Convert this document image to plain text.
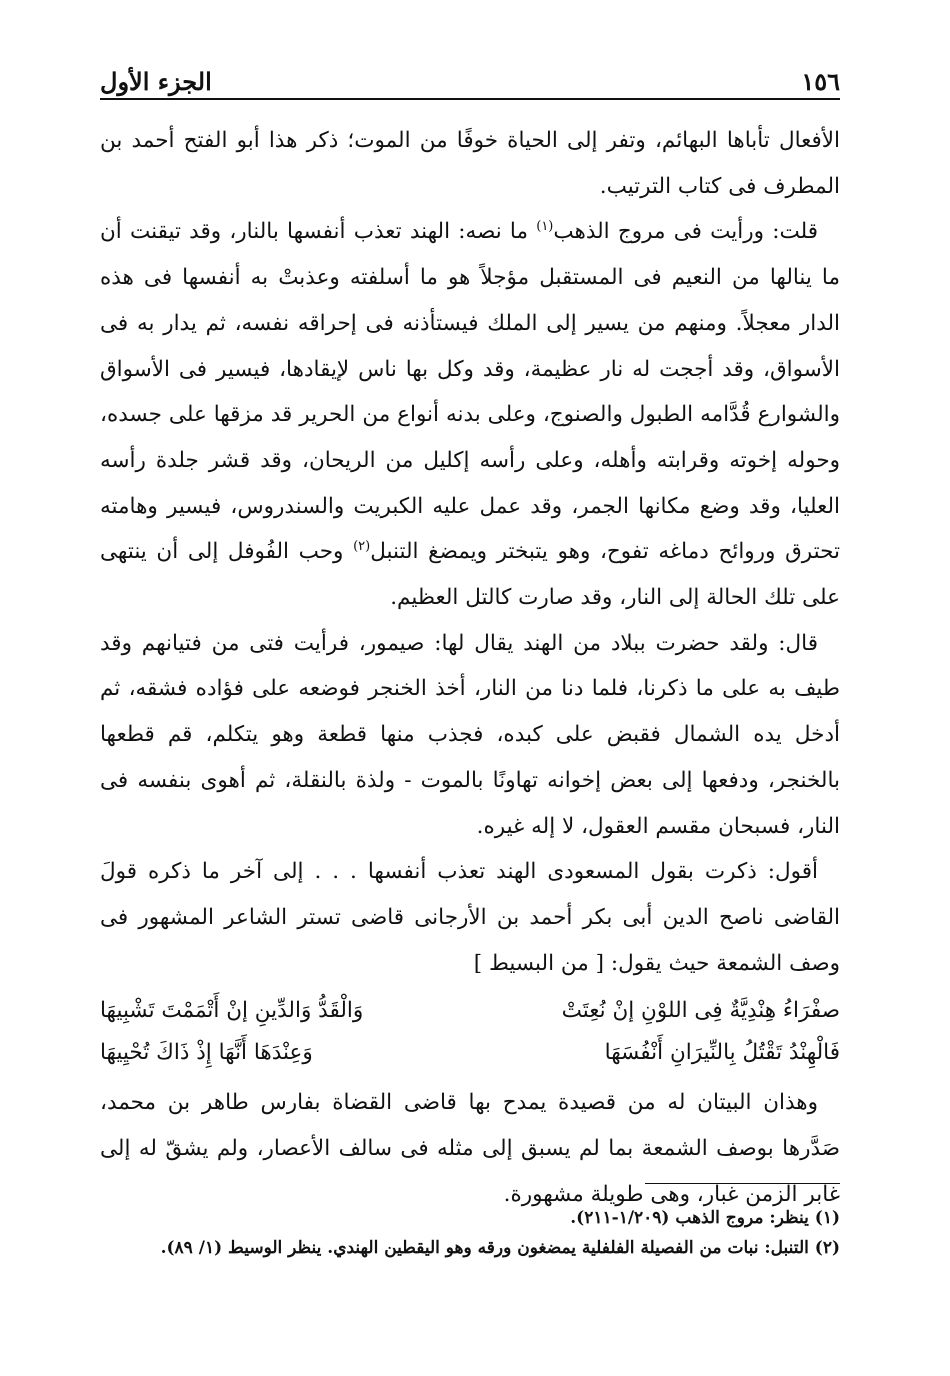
١٥٦
الجزء الأول

الأفعال تأباها البهائم، وتفر إلى الحياة خوفًا من الموت؛ ذكر هذا أبو الفتح أحمد بن المطرف فى كتاب الترتيب.

قلت: ورأيت فى مروج الذهب$^{(١)}$ ما نصه: الهند تعذب أنفسها بالنار، وقد تيقنت أن ما ينالها من النعيم فى المستقبل مؤجلاً هو ما أسلفته وعذبتْ به أنفسها فى هذه الدار معجلاً. ومنهم من يسير إلى الملك فيستأذنه فى إحراقه نفسه، ثم يدار به فى الأسواق، وقد أججت له نار عظيمة، وقد وكل بها ناس لإيقادها، فيسير فى الأسواق والشوارع قُدَّامه الطبول والصنوج، وعلى بدنه أنواع من الحرير قد مزقها على جسده، وحوله إخوته وقرابته وأهله، وعلى رأسه إكليل من الريحان، وقد قشر جلدة رأسه العليا، وقد وضع مكانها الجمر، وقد عمل عليه الكبريت والسندروس، فيسير وهامته تحترق وروائح دماغه تفوح، وهو يتبختر ويمضغ التنبل$^{(٢)}$ وحب الفُوفل إلى أن ينتهى على تلك الحالة إلى النار، وقد صارت كالتل العظيم.

قال: ولقد حضرت ببلاد من الهند يقال لها: صيمور، فرأيت فتى من فتيانهم وقد طيف به على ما ذكرنا، فلما دنا من النار، أخذ الخنجر فوضعه على فؤاده فشقه، ثم أدخل يده الشمال فقبض على كبده، فجذب منها قطعة وهو يتكلم، قم قطعها بالخنجر، ودفعها إلى بعض إخوانه تهاونًا بالموت - ولذة بالنقلة، ثم أهوى بنفسه فى النار، فسبحان مقسم العقول، لا إله غيره.

أقول: ذكرت بقول المسعودى الهند تعذب أنفسها . . . إلى آخر ما ذكره قولَ القاضى ناصح الدين أبى بكر أحمد بن الأرجانى قاضى تستر الشاعر المشهور فى وصف الشمعة حيث يقول: [ من البسيط ]

صفْرَاءُ هِنْدِيَّةٌ فِى اللوْنِ إنْ نُعِتَتْ
وَالْقَدُّ وَالدِّينِ إنْ أَتْمَمْتَ تَشْبِيهَا
فَالْهِنْدُ تَقْتُلُ بِالنِّيرَانِ أَنْفُسَهَا
وَعِنْدَهَا أَنَّهَا إِذْ ذَاكَ تُحْيِيهَا

وهذان البيتان له من قصيدة يمدح بها قاضى القضاة بفارس طاهر بن محمد، صَدَّرها بوصف الشمعة بما لم يسبق إلى مثله فى سالف الأعصار، ولم يشقّ له إلى غابر الزمن غبار، وهى طويلة مشهورة.

(١) ينظر: مروج الذهب (١/٢٠٩-٢١١).

(٢) التنبل: نبات من الفصيلة الفلفلية يمضغون ورقه وهو اليقطين الهندي. ينظر الوسيط (١/ ٨٩).
